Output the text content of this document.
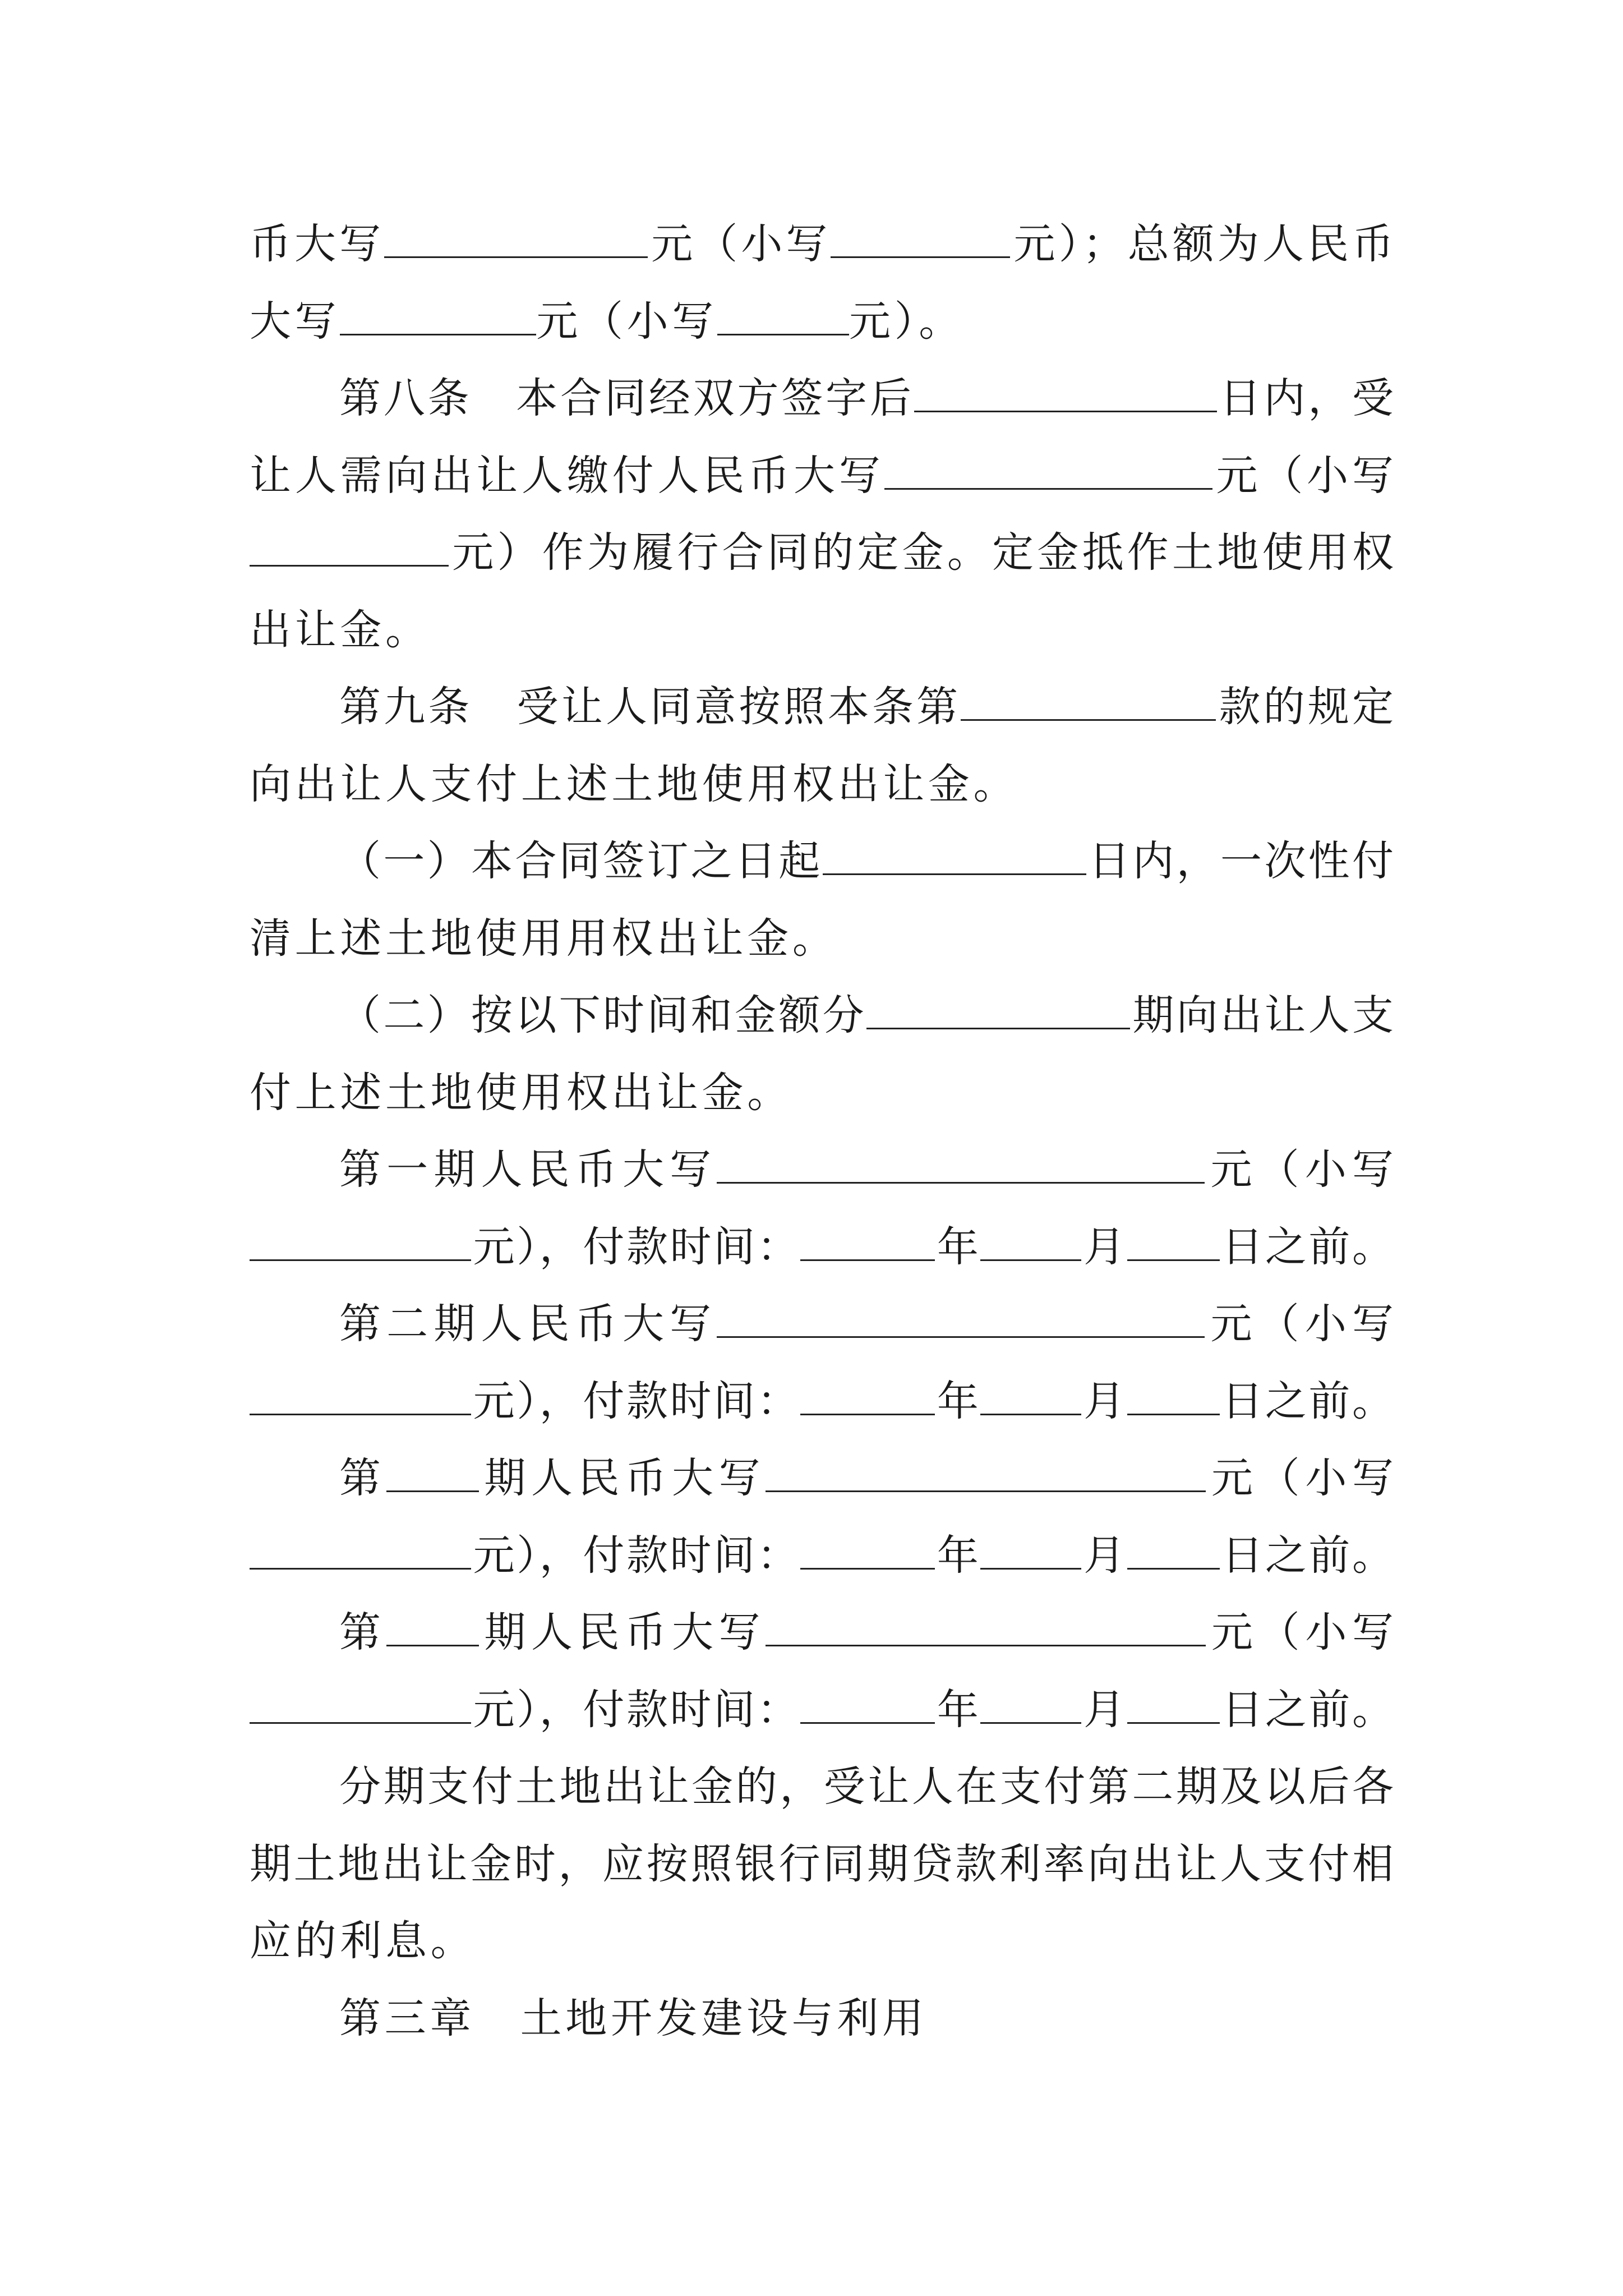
币大写	元（小写	元）；总额为人民币
大写	元（小写	元）。
第八条　本合同经双方签字后	日内，受
让人需向出让人缴付人民币大写	元（小写
元）作为履行合同的定金。定金抵作土地使用权
出让金。
第九条　受让人同意按照本条第	款的规定
向出让人支付上述土地使用权出让金。
（一）本合同签订之日起	日内，一次性付
清上述土地使用用权出让金。
（二）按以下时间和金额分	期向出让人支
付上述土地使用权出让金。
第一期人民币大写	元（小写
元），付款时间：	年 月 日之前。
第二期人民币大写	元（小写
元），付款时间：	年 月 日之前。
第 期人民币大写	元（小写
元），付款时间：	年 月 日之前。
第 期人民币大写	元（小写
元），付款时间：	年 月 日之前。
分期支付土地出让金的，受让人在支付第二期及以后各
期土地出让金时，应按照银行同期贷款利率向出让人支付相
应的利息。
第三章　土地开发建设与利用
